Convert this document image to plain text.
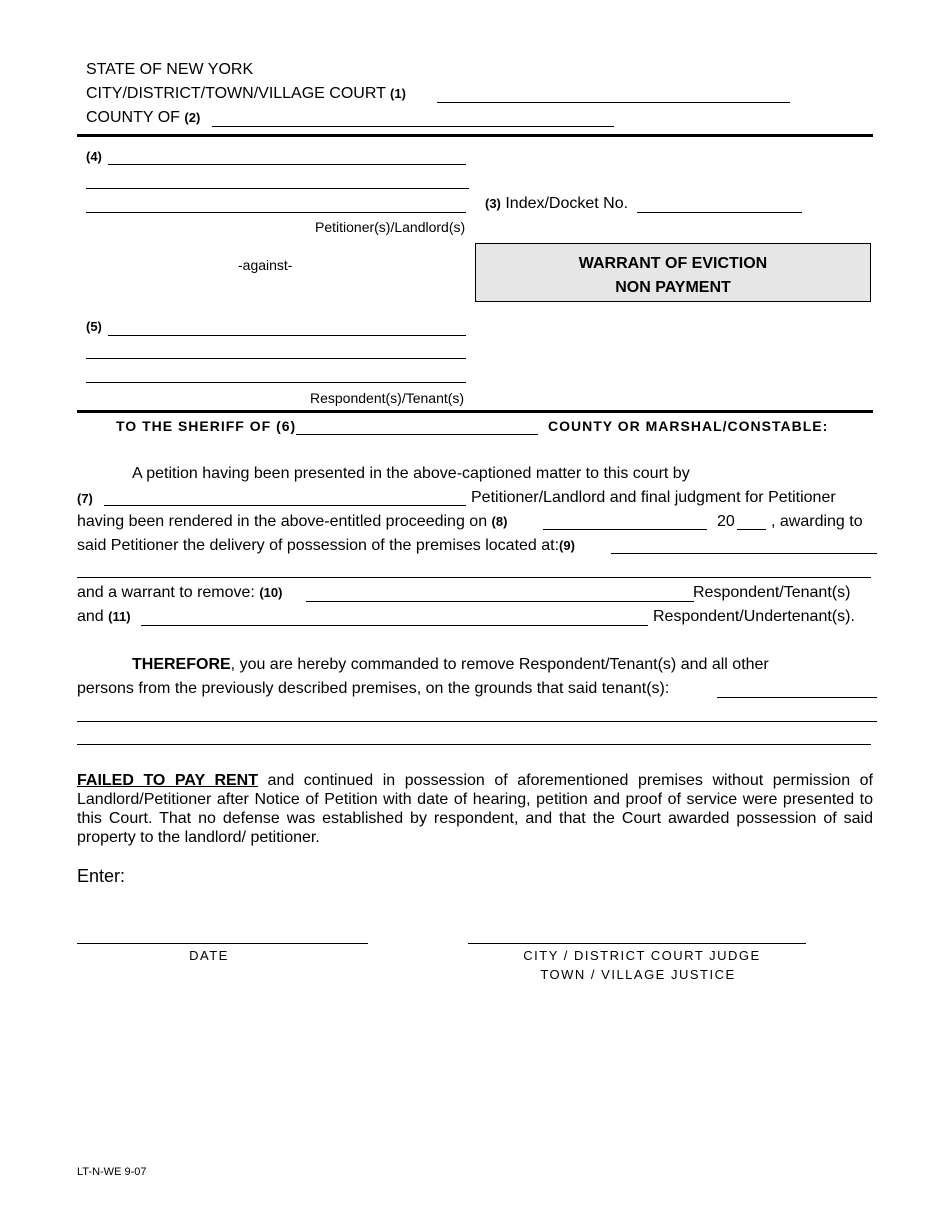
STATE OF NEW YORK
CITY/DISTRICT/TOWN/VILLAGE COURT (1)
COUNTY OF (2)
(4)
Petitioner(s)/Landlord(s)
(3) Index/Docket No.
-against-	WARRANT OF EVICTION
NON PAYMENT
(5)
Respondent(s)/Tenant(s)
TO THE SHERIFF OF (6)	COUNTY OR MARSHAL/CONSTABLE:
A petition having been presented in the above-captioned matter to this court by
(7)	Petitioner/Landlord and final judgment for Petitioner
having been rendered in the above-entitled proceeding on (8)	20 , awarding to
said Petitioner the delivery of possession of the premises located at:(9)
and a warrant to remove: (10)	Respondent/Tenant(s)
and (11)	Respondent/Undertenant(s).
THEREFORE, you are hereby commanded to remove Respondent/Tenant(s) and all other
persons from the previously described premises, on the grounds that said tenant(s):
FAILED TO PAY RENT and continued in possession of aforementioned premises without permission of Landlord/Petitioner after Notice of Petition with date of hearing, petition and proof of service were presented to this Court. That no defense was established by respondent, and that the Court awarded possession of said property to the landlord/ petitioner.
Enter:
DATE	CITY / DISTRICT COURT JUDGE
TOWN / VILLAGE JUSTICE
LT-N-WE 9-07
